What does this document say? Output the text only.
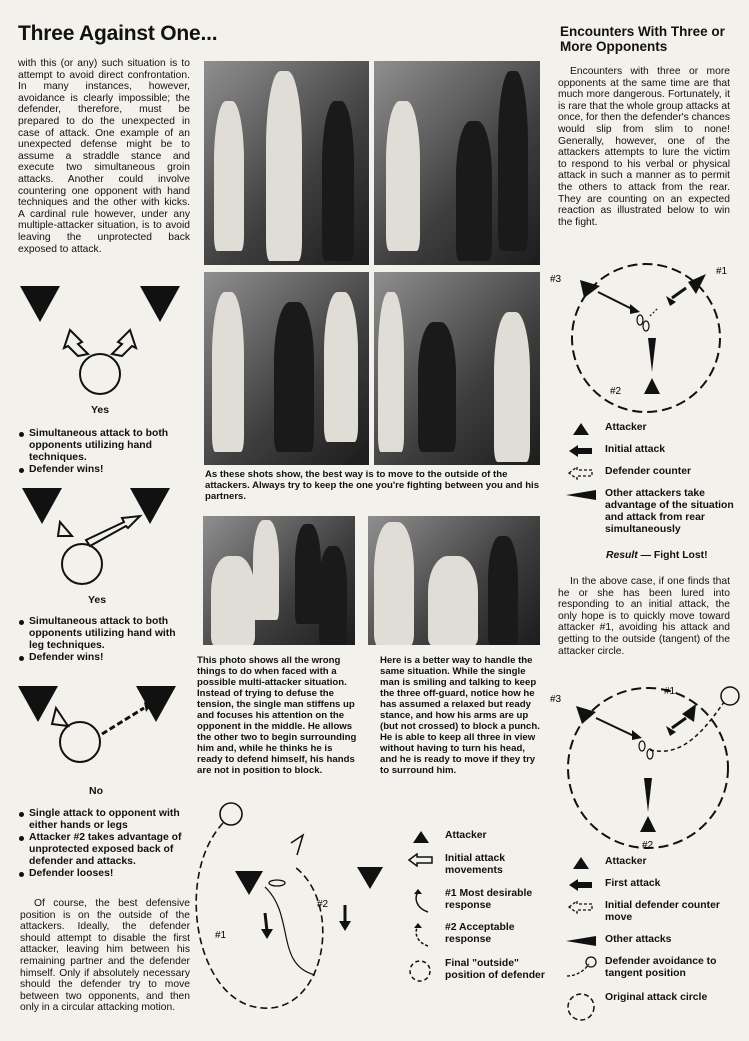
Three Against One...
with this (or any) such situation is to attempt to avoid direct confrontation. In many instances, however, avoidance is clearly impossible; the defender, therefore, must be prepared to do the unexpected in case of attack. One example of an unexpected defense might be to assume a straddle stance and execute two simultaneous groin attacks. Another could involve countering one opponent with hand techniques and the other with kicks. A cardinal rule however, under any multiple-attacker situation, is to avoid leaving the unprotected back exposed to attack.
Yes
Simultaneous attack to both opponents utilizing hand techniques.
Defender wins!
Yes
Simultaneous attack to both opponents utilizing hand with leg techniques.
Defender wins!
No
Single attack to opponent with either hands or legs
Attacker #2 takes advantage of unprotected exposed back of defender and attacks.
Defender looses!
Of course, the best defensive position is on the outside of the attackers. Ideally, the defender should attempt to disable the first attacker, leaving him between his remaining partner and the defender himself. Only if absolutely necessary should the defender try to move between two opponents, and then only in a circular attacking motion.
As these shots show, the best way is to move to the outside of the attackers. Always try to keep the one you're fighting between you and his partners.
This photo shows all the wrong things to do when faced with a possible multi-attacker situation. Instead of trying to defuse the tension, the single man stiffens up and focuses his attention on the opponent in the middle. He allows the other two to begin surrounding him and, while he thinks he is ready to defend himself, his hands are not in position to block.
Here is a better way to handle the same situation. While the single man is smiling and talking to keep the three off-guard, notice how he has assumed a relaxed but ready stance, and how his arms are up (but not crossed) to block a punch. He is able to keep all three in view without having to turn his head, and he is ready to move if they try to surround him.
#1
#2
Attacker
Initial attack movements
#1 Most desirable response
#2 Acceptable response
Final "outside" position of defender
Encounters With Three or More Opponents
Encounters with three or more opponents at the same time are that much more dangerous. Fortunately, it is rare that the whole group attacks at once, for then the defender's chances would slip from slim to none! Generally, however, one of the attackers attempts to lure the victim to respond to his verbal or physical attack in such a manner as to permit the others to attack from the rear. They are counting on an expected reaction as illustrated below to win the fight.
#3
#1
#2
Attacker
Initial attack
Defender counter
Other attackers take advantage of the situation and attack from rear simultaneously
Result — Fight Lost!
In the above case, if one finds that he or she has been lured into responding to an initial attack, the only hope is to quickly move toward attacker #1, avoiding his attack and getting to the outside (tangent) of the attacker circle.
#3
#1
#2
Attacker
First attack
Initial defender counter move
Other attacks
Defender avoidance to tangent position
Original attack circle
